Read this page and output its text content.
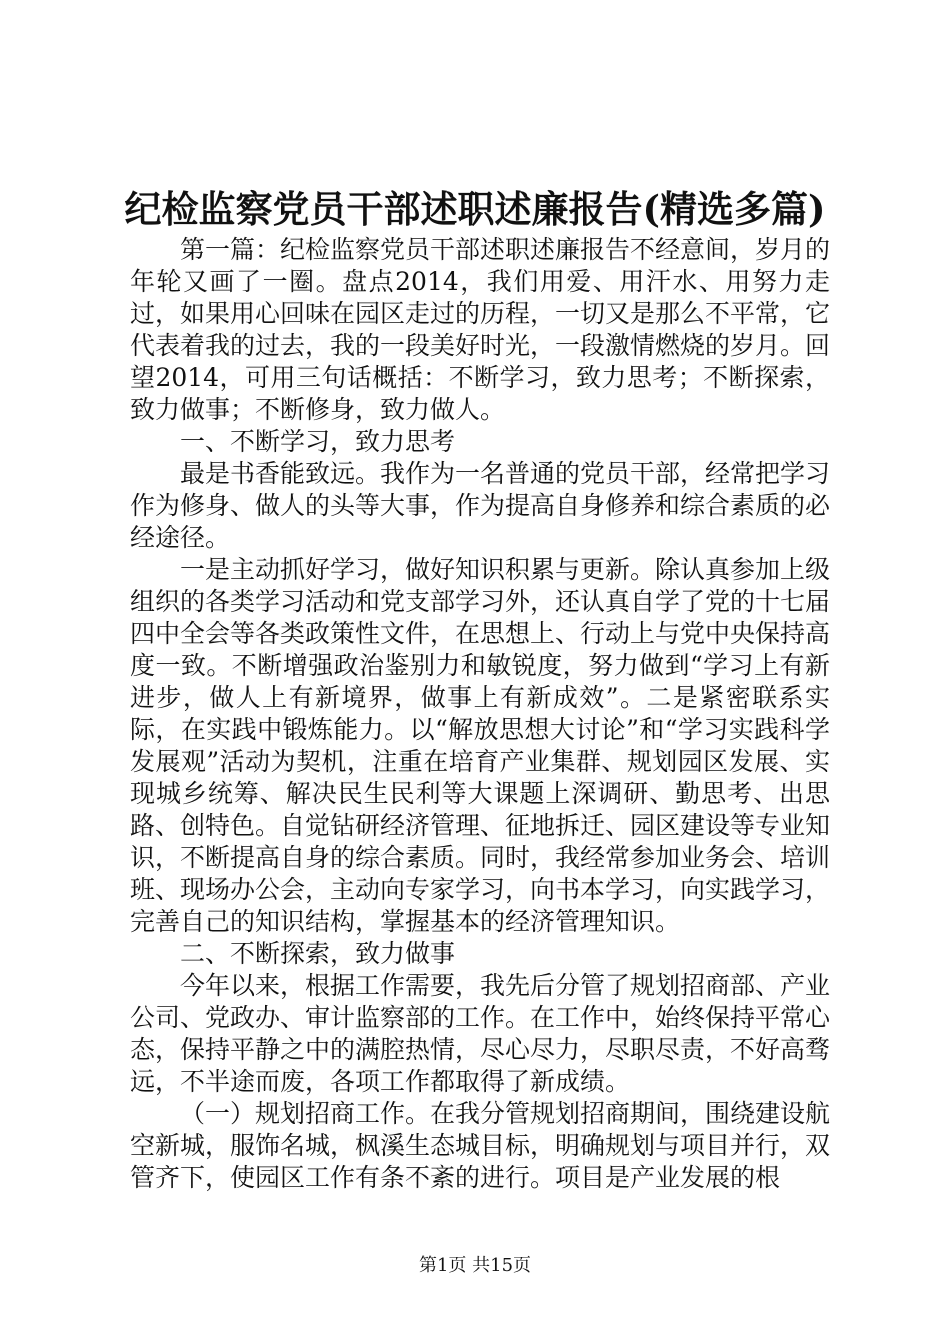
纪检监察党员干部述职述廉报告(精选多篇)

第一篇：纪检监察党员干部述职述廉报告不经意间，岁月的年轮又画了一圈。盘点2014，我们用爱、用汗水、用努力走过，如果用心回味在园区走过的历程，一切又是那么不平常，它代表着我的过去，我的一段美好时光，一段激情燃烧的岁月。回望2014，可用三句话概括：不断学习，致力思考；不断探索，致力做事；不断修身，致力做人。

一、不断学习，致力思考

最是书香能致远。我作为一名普通的党员干部，经常把学习作为修身、做人的头等大事，作为提高自身修养和综合素质的必经途径。

一是主动抓好学习，做好知识积累与更新。除认真参加上级组织的各类学习活动和党支部学习外，还认真自学了党的十七届四中全会等各类政策性文件，在思想上、行动上与党中央保持高度一致。不断增强政治鉴别力和敏锐度，努力做到“学习上有新进步，做人上有新境界，做事上有新成效”。二是紧密联系实际，在实践中锻炼能力。以“解放思想大讨论”和“学习实践科学发展观”活动为契机，注重在培育产业集群、规划园区发展、实现城乡统筹、解决民生民利等大课题上深调研、勤思考、出思路、创特色。自觉钻研经济管理、征地拆迁、园区建设等专业知识，不断提高自身的综合素质。同时，我经常参加业务会、培训班、现场办公会，主动向专家学习，向书本学习，向实践学习，完善自己的知识结构，掌握基本的经济管理知识。

二、不断探索，致力做事

今年以来，根据工作需要，我先后分管了规划招商部、产业公司、党政办、审计监察部的工作。在工作中，始终保持平常心态，保持平静之中的满腔热情，尽心尽力，尽职尽责，不好高骛远，不半途而废，各项工作都取得了新成绩。

（一）规划招商工作。在我分管规划招商期间，围绕建设航空新城，服饰名城，枫溪生态城目标，明确规划与项目并行，双管齐下，使园区工作有条不紊的进行。项目是产业发展的根

第1页 共15页
